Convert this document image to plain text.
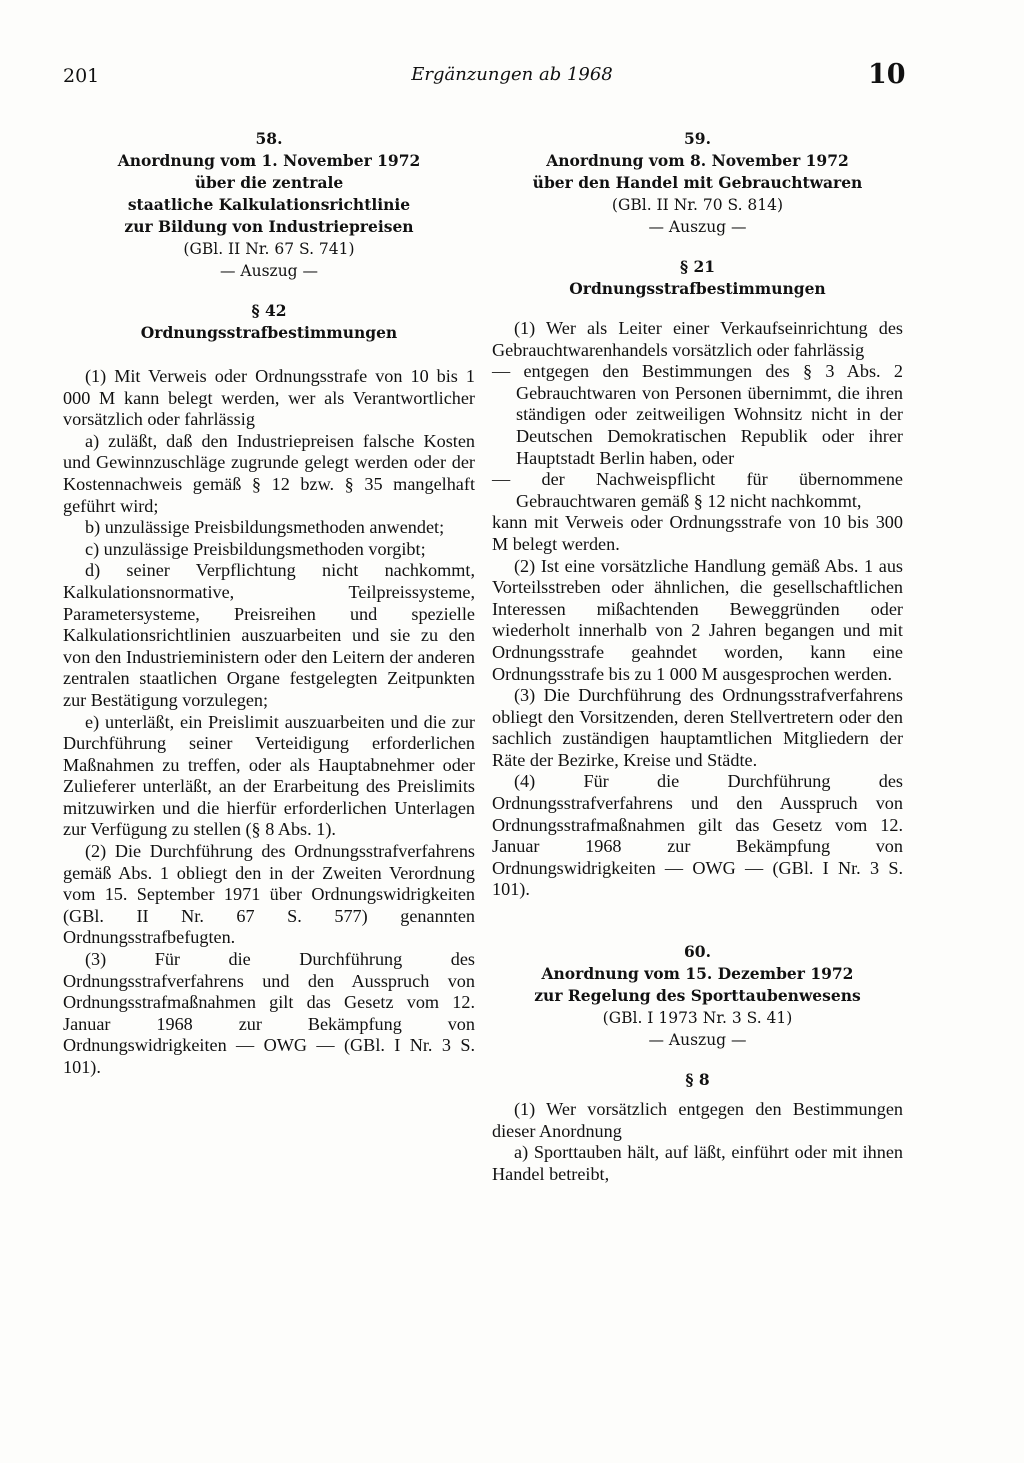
201	Ergänzungen ab 1968	10
58.
Anordnung vom 1. November 1972
über die zentrale
staatliche Kalkulationsrichtlinie
zur Bildung von Industriepreisen
(GBl. II Nr. 67 S. 741)
— Auszug —
§ 42
Ordnungsstrafbestimmungen

(1) Mit Verweis oder Ordnungsstrafe von 10 bis 1 000 M kann belegt werden, wer als Verantwortlicher vorsätzlich oder fahrlässig

a) zuläßt, daß den Industriepreisen falsche Kosten und Gewinnzuschläge zugrunde gelegt werden oder der Kostennachweis gemäß § 12 bzw. § 35 mangelhaft geführt wird;

b) unzulässige Preisbildungsmethoden anwendet;

c) unzulässige Preisbildungsmethoden vorgibt;

d) seiner Verpflichtung nicht nachkommt, Kalkulationsnormative, Teilpreissysteme, Parametersysteme, Preisreihen und spezielle Kalkulationsrichtlinien auszuarbeiten und sie zu den von den Industrieministern oder den Leitern der anderen zentralen staatlichen Organe festgelegten Zeitpunkten zur Bestätigung vorzulegen;

e) unterläßt, ein Preislimit auszuarbeiten und die zur Durchführung seiner Verteidigung erforderlichen Maßnahmen zu treffen, oder als Hauptabnehmer oder Zulieferer unterläßt, an der Erarbeitung des Preislimits mitzuwirken und die hierfür erforderlichen Unterlagen zur Verfügung zu stellen (§ 8 Abs. 1).

(2) Die Durchführung des Ordnungsstrafverfahrens gemäß Abs. 1 obliegt den in der Zweiten Verordnung vom 15. September 1971 über Ordnungswidrigkeiten (GBl. II Nr. 67 S. 577) genannten Ordnungsstrafbefugten.

(3) Für die Durchführung des Ordnungsstrafverfahrens und den Ausspruch von Ordnungsstrafmaßnahmen gilt das Gesetz vom 12. Januar 1968 zur Bekämpfung von Ordnungswidrigkeiten — OWG — (GBl. I Nr. 3 S. 101).

59.
Anordnung vom 8. November 1972
über den Handel mit Gebrauchtwaren
(GBl. II Nr. 70 S. 814)
— Auszug —
§ 21
Ordnungsstrafbestimmungen

(1) Wer als Leiter einer Verkaufseinrichtung des Gebrauchtwarenhandels vorsätzlich oder fahrlässig

— entgegen den Bestimmungen des § 3 Abs. 2 Gebrauchtwaren von Personen übernimmt, die ihren ständigen oder zeitweiligen Wohnsitz nicht in der Deutschen Demokratischen Republik oder ihrer Hauptstadt Berlin haben, oder

— der Nachweispflicht für übernommene Gebrauchtwaren gemäß § 12 nicht nachkommt,

kann mit Verweis oder Ordnungsstrafe von 10 bis 300 M belegt werden.

(2) Ist eine vorsätzliche Handlung gemäß Abs. 1 aus Vorteilsstreben oder ähnlichen, die gesellschaftlichen Interessen mißachtenden Beweggründen oder wiederholt innerhalb von 2 Jahren begangen und mit Ordnungsstrafe geahndet worden, kann eine Ordnungsstrafe bis zu 1 000 M ausgesprochen werden.

(3) Die Durchführung des Ordnungsstrafverfahrens obliegt den Vorsitzenden, deren Stellvertretern oder den sachlich zuständigen hauptamtlichen Mitgliedern der Räte der Bezirke, Kreise und Städte.

(4) Für die Durchführung des Ordnungsstrafverfahrens und den Ausspruch von Ordnungsstrafmaßnahmen gilt das Gesetz vom 12. Januar 1968 zur Bekämpfung von Ordnungswidrigkeiten — OWG — (GBl. I Nr. 3 S. 101).

60.
Anordnung vom 15. Dezember 1972
zur Regelung des Sporttaubenwesens
(GBl. I 1973 Nr. 3 S. 41)
— Auszug —
§ 8

(1) Wer vorsätzlich entgegen den Bestimmungen dieser Anordnung

a) Sporttauben hält, auf läßt, einführt oder mit ihnen Handel betreibt,
